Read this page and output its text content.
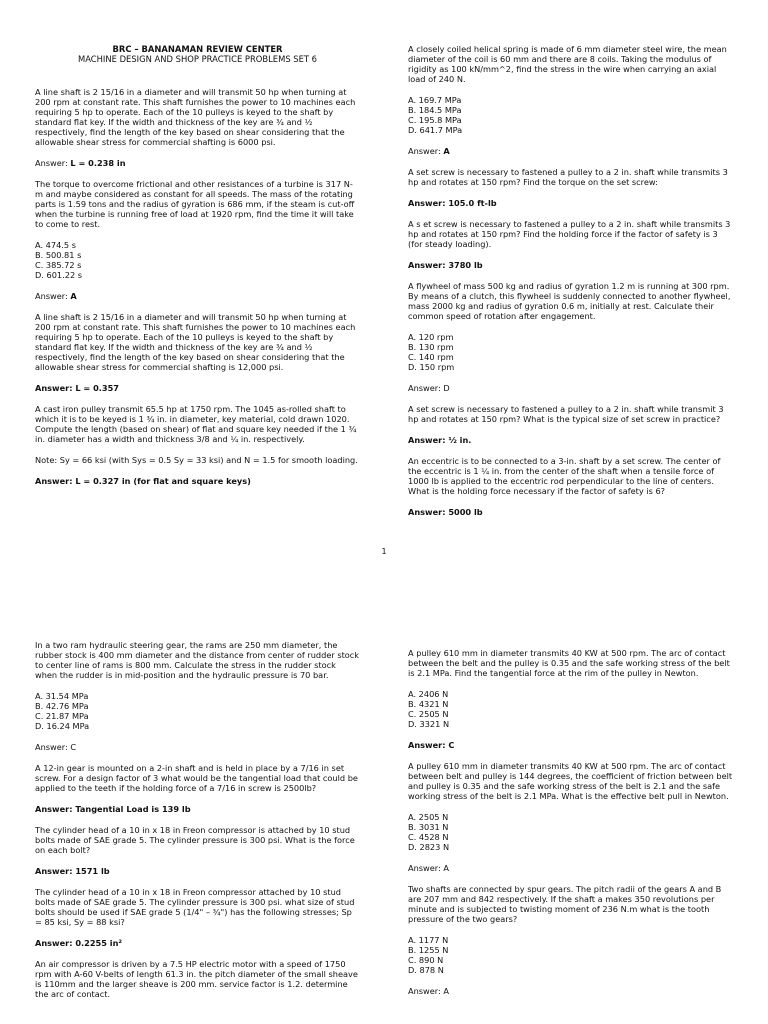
BRC – BANANAMAN REVIEW CENTER
MACHINE DESIGN AND SHOP PRACTICE PROBLEMS SET 6

A line shaft is 2 15/16 in a diameter and will transmit 50 hp when turning at 200 rpm at constant rate. This shaft furnishes the power to 10 machines each requiring 5 hp to operate. Each of the 10 pulleys is keyed to the shaft by standard flat key. If the width and thickness of the key are ¾ and ½ respectively, find the length of the key based on shear considering that the allowable shear stress for commercial shafting is 6000 psi.

Answer: L = 0.238 in

The torque to overcome frictional and other resistances of a turbine is 317 N-m and maybe considered as constant for all speeds. The mass of the rotating parts is 1.59 tons and the radius of gyration is 686 mm, if the steam is cut-off when the turbine is running free of load at 1920 rpm, find the time it will take to come to rest.

A. 474.5 s
B. 500.81 s
C. 385.72 s
D. 601.22 s
Answer: A

A line shaft is 2 15/16 in a diameter and will transmit 50 hp when turning at 200 rpm at constant rate. This shaft furnishes the power to 10 machines each requiring 5 hp to operate. Each of the 10 pulleys is keyed to the shaft by standard flat key. If the width and thickness of the key are ¾ and ½ respectively, find the length of the key based on shear considering that the allowable shear stress for commercial shafting is 12,000 psi.

Answer: L = 0.357

A cast iron pulley transmit 65.5 hp at 1750 rpm. The 1045 as-rolled shaft to which it is to be keyed is 1 ¾ in. in diameter, key material, cold drawn 1020. Compute the length (based on shear) of flat and square key needed if the 1 ¾ in. diameter has a width and thickness 3/8 and ¼ in. respectively.

Note: Sy = 66 ksi (with Sys = 0.5 Sy = 33 ksi) and N = 1.5 for smooth loading.

Answer: L = 0.327 in (for flat and square keys)

A closely coiled helical spring is made of 6 mm diameter steel wire, the mean diameter of the coil is 60 mm and there are 8 coils. Taking the modulus of rigidity as 100 kN/mm^2, find the stress in the wire when carrying an axial load of 240 N.

A. 169.7 MPa
B. 184.5 MPa
C. 195.8 MPa
D. 641.7 MPa
Answer: A

A set screw is necessary to fastened a pulley to a 2 in. shaft while transmits 3 hp and rotates at 150 rpm? Find the torque on the set screw:

Answer: 105.0 ft-lb

A s et screw is necessary to fastened a pulley to a 2 in. shaft while transmits 3 hp and rotates at 150 rpm? Find the holding force if the factor of safety is 3 (for steady loading).

Answer: 3780 lb

A flywheel of mass 500 kg and radius of gyration 1.2 m is running at 300 rpm. By means of a clutch, this flywheel is suddenly connected to another flywheel, mass 2000 kg and radius of gyration 0.6 m, initially at rest. Calculate their common speed of rotation after engagement.

A. 120 rpm
B. 130 rpm
C. 140 rpm
D. 150 rpm
Answer: D

A set screw is necessary to fastened a pulley to a 2 in. shaft while transmit 3 hp and rotates at 150 rpm? What is the typical size of set screw in practice?

Answer: ½ in.

An eccentric is to be connected to a 3-in. shaft by a set screw. The center of the eccentric is 1 ¼ in. from the center of the shaft when a tensile force of 1000 lb is applied to the eccentric rod perpendicular to the line of centers. What is the holding force necessary if the factor of safety is 6?

Answer: 5000 lb
1

In a two ram hydraulic steering gear, the rams are 250 mm diameter, the rubber stock is 400 mm diameter and the distance from center of rudder stock to center line of rams is 800 mm. Calculate the stress in the rudder stock when the rudder is in mid-position and the hydraulic pressure is 70 bar.

A. 31.54 MPa
B. 42.76 MPa
C. 21.87 MPa
D. 16.24 MPa
Answer: C

A 12-in gear is mounted on a 2-in shaft and is held in place by a 7/16 in set screw. For a design factor of 3 what would be the tangential load that could be applied to the teeth if the holding force of a 7/16 in screw is 2500lb?

Answer: Tangential Load is 139 lb

The cylinder head of a 10 in x 18 in Freon compressor is attached by 10 stud bolts made of SAE grade 5. The cylinder pressure is 300 psi. What is the force on each bolt?

Answer: 1571 lb

The cylinder head of a 10 in x 18 in Freon compressor attached by 10 stud bolts made of SAE grade 5. The cylinder pressure is 300 psi. what size of stud bolts should be used if SAE grade 5 (1/4" – ¾") has the following stresses; Sp = 85 ksi, Sy = 88 ksi?

Answer: 0.2255 in²

An air compressor is driven by a 7.5 HP electric motor with a speed of 1750 rpm with A-60 V-belts of length 61.3 in. the pitch diameter of the small sheave is 110mm and the larger sheave is 200 mm. service factor is 1.2. determine the arc of contact.

A pulley 610 mm in diameter transmits 40 KW at 500 rpm. The arc of contact between the belt and the pulley is 0.35 and the safe working stress of the belt is 2.1 MPa. Find the tangential force at the rim of the pulley in Newton.

A. 2406 N
B. 4321 N
C. 2505 N
D. 3321 N
Answer: C

A pulley 610 mm in diameter transmits 40 KW at 500 rpm. The arc of contact between belt and pulley is 144 degrees, the coefficient of friction between belt and pulley is 0.35 and the safe working stress of the belt is 2.1 and the safe working stress of the belt is 2.1 MPa. What is the effective belt pull in Newton.

A. 2505 N
B. 3031 N
C. 4528 N
D. 2823 N
Answer: A

Two shafts are connected by spur gears. The pitch radii of the gears A and B are 207 mm and 842 respectively. If the shaft a makes 350 revolutions per minute and is subjected to twisting moment of 236 N.m what is the tooth pressure of the two gears?

A. 1177 N
B. 1255 N
C. 890 N
D. 878 N
Answer: A
